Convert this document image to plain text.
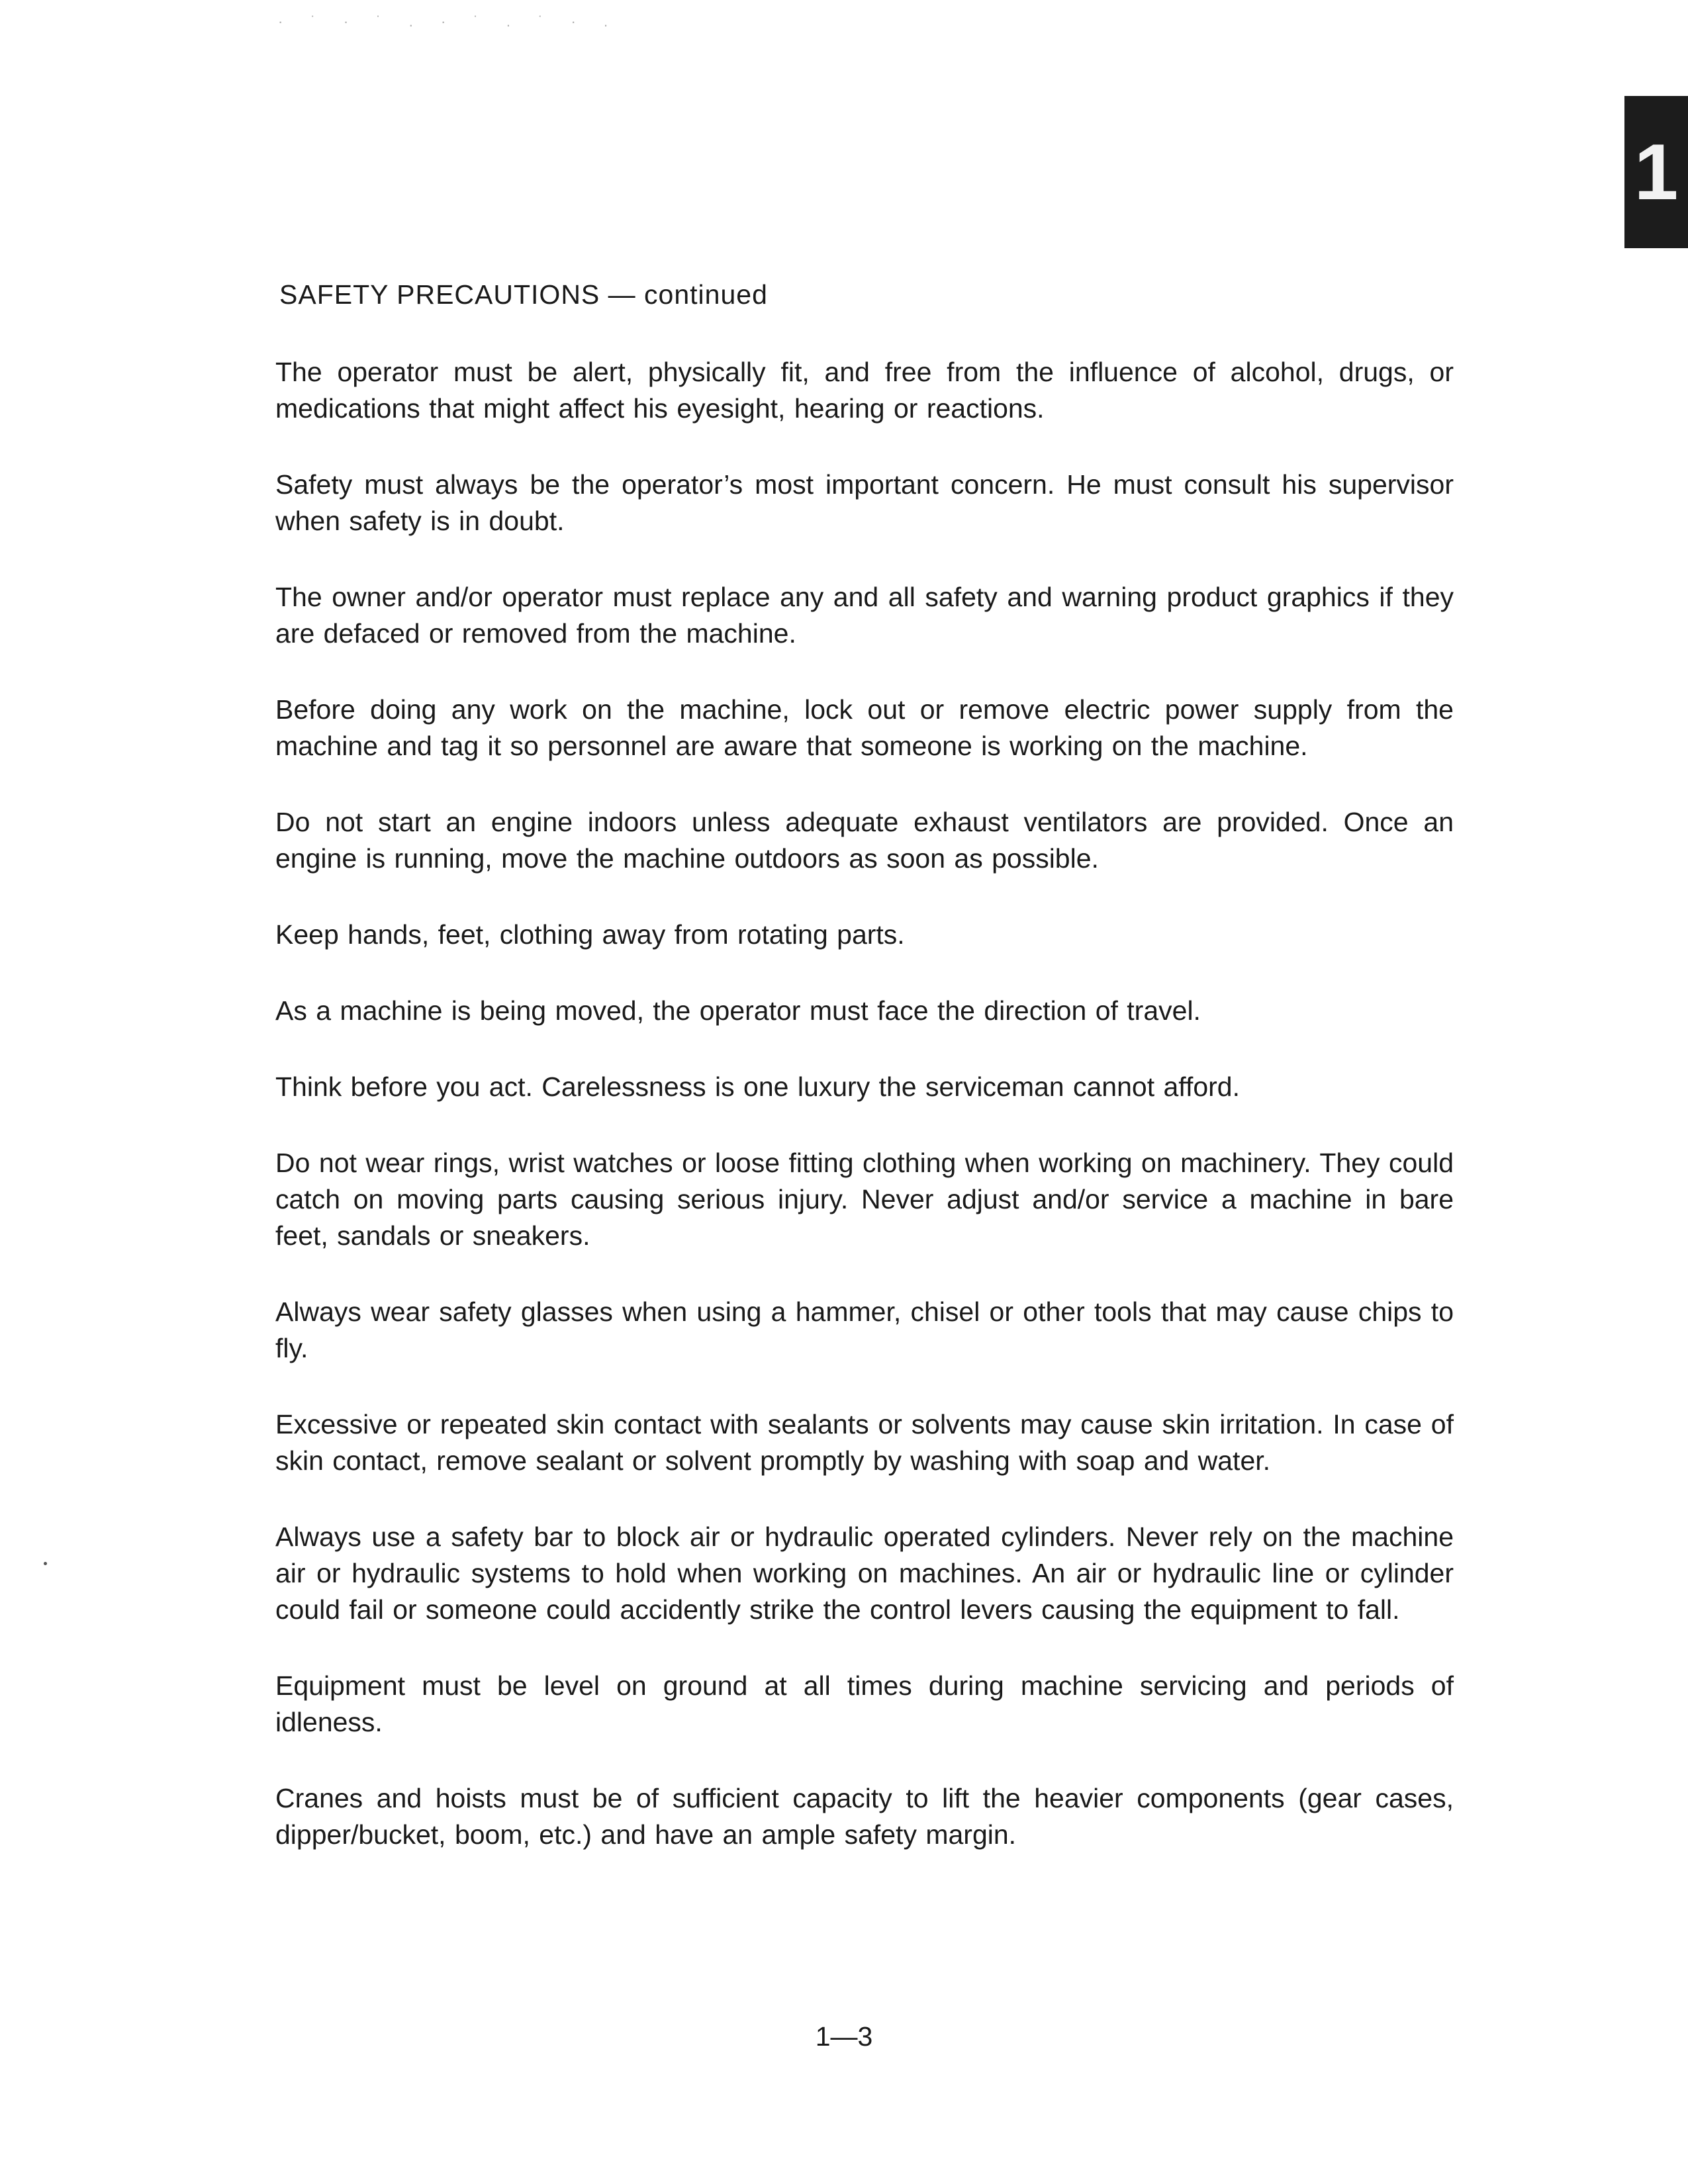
· ˙ · ˙ . · ˙ . ˙ · .
1
SAFETY PRECAUTIONS — continued

The operator must be alert, physically fit, and free from the influence of alcohol, drugs, or medications that might affect his eyesight, hearing or reactions.

Safety must always be the operator’s most important concern. He must consult his supervisor when safety is in doubt.

The owner and/or operator must replace any and all safety and warning product graphics if they are defaced or removed from the machine.

Before doing any work on the machine, lock out or remove electric power supply from the machine and tag it so personnel are aware that someone is working on the machine.

Do not start an engine indoors unless adequate exhaust ventilators are provided. Once an engine is running, move the machine outdoors as soon as possible.

Keep hands, feet, clothing away from rotating parts.

As a machine is being moved, the operator must face the direction of travel.

Think before you act. Carelessness is one luxury the serviceman cannot afford.

Do not wear rings, wrist watches or loose fitting clothing when working on machinery. They could catch on moving parts causing serious injury. Never adjust and/or service a machine in bare feet, sandals or sneakers.

Always wear safety glasses when using a hammer, chisel or other tools that may cause chips to fly.

Excessive or repeated skin contact with sealants or solvents may cause skin irritation. In case of skin contact, remove sealant or solvent promptly by washing with soap and water.

Always use a safety bar to block air or hydraulic operated cylinders. Never rely on the machine air or hydraulic systems to hold when working on machines. An air or hydraulic line or cylinder could fail or someone could accidently strike the control levers causing the equipment to fall.

Equipment must be level on ground at all times during machine servicing and periods of idleness.

Cranes and hoists must be of sufficient capacity to lift the heavier components (gear cases, dipper/bucket, boom, etc.) and have an ample safety margin.

1—3
